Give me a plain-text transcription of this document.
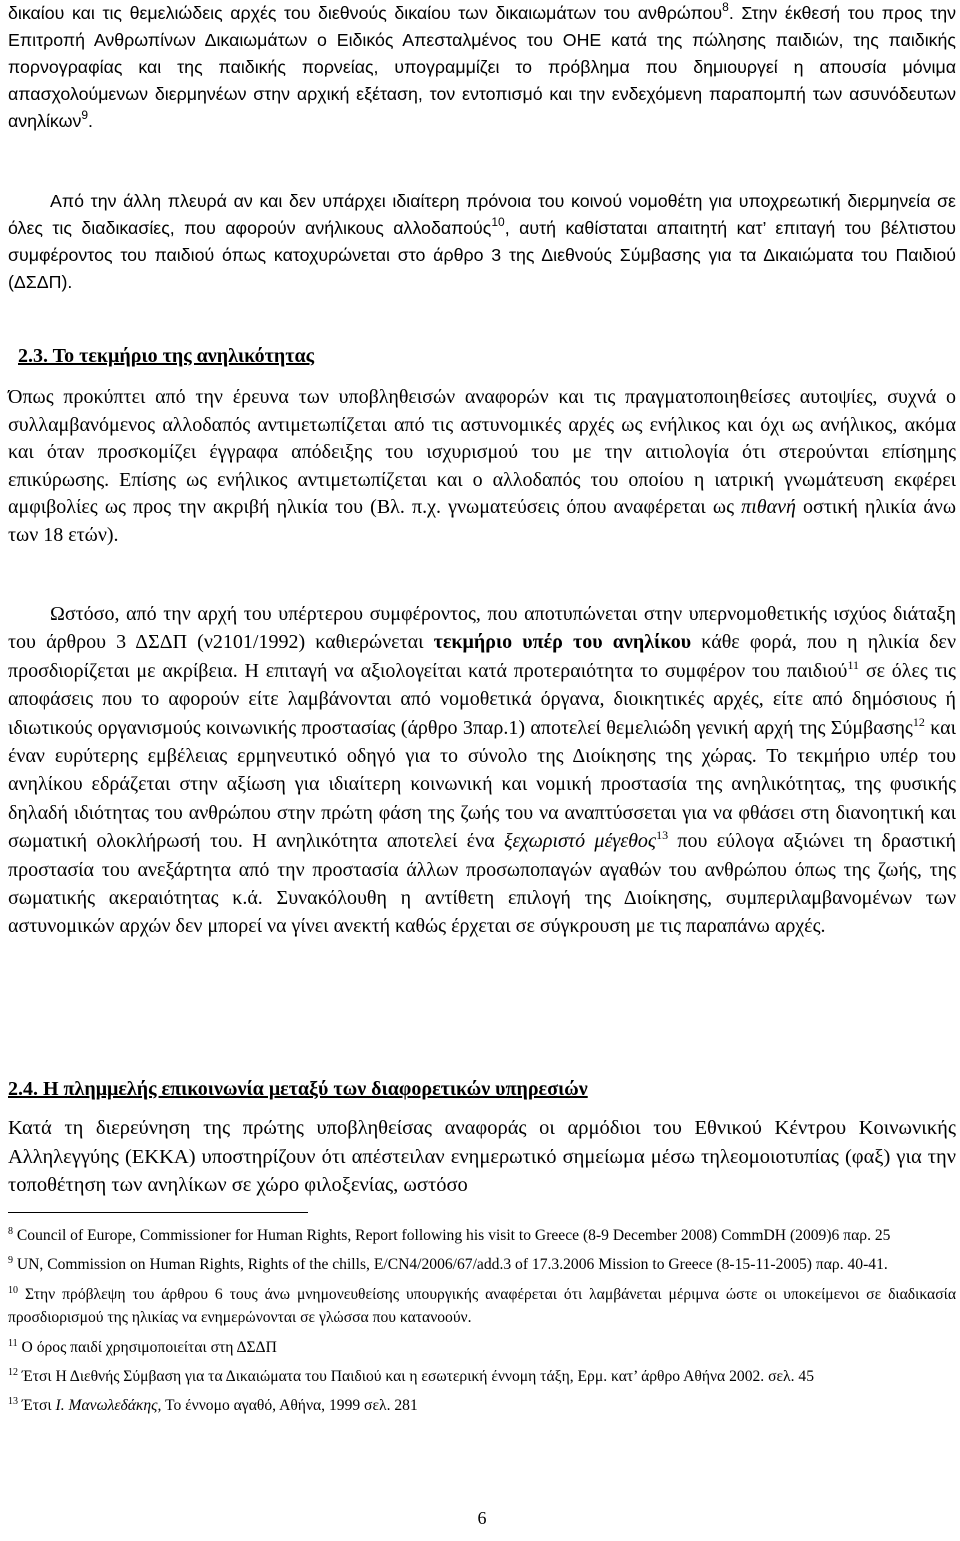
δικαίου και τις θεμελιώδεις αρχές του διεθνούς δικαίου των δικαιωμάτων του ανθρώπου$^8$. Στην έκθεσή του προς την Επιτροπή Ανθρωπίνων Δικαιωμάτων ο Ειδικός Απεσταλμένος του ΟΗΕ κατά της πώλησης παιδιών, της παιδικής πορνογραφίας και της παιδικής πορνείας, υπογραμμίζει το πρόβλημα που δημιουργεί η απουσία μόνιμα απασχολούμενων διερμηνέων στην αρχική εξέταση, τον εντοπισμό και την ενδεχόμενη παραπομπή των ασυνόδευτων ανηλίκων$^9$.

Από την άλλη πλευρά αν και δεν υπάρχει ιδιαίτερη πρόνοια του κοινού νομοθέτη για υποχρεωτική διερμηνεία σε όλες τις διαδικασίες, που αφορούν ανήλικους αλλοδαπούς$^{10}$, αυτή καθίσταται απαιτητή κατ’ επιταγή του βέλτιστου συμφέροντος του παιδιού όπως κατοχυρώνεται στο άρθρο 3 της Διεθνούς Σύμβασης για τα Δικαιώματα του Παιδιού (ΔΣΔΠ).

2.3. Το τεκμήριο της ανηλικότητας

Όπως προκύπτει από την έρευνα των υποβληθεισών αναφορών και τις πραγματοποιηθείσες αυτοψίες, συχνά ο συλλαμβανόμενος αλλοδαπός αντιμετωπίζεται από τις αστυνομικές αρχές ως ενήλικος και όχι ως ανήλικος, ακόμα και όταν προσκομίζει έγγραφα απόδειξης του ισχυρισμού του με την αιτιολογία ότι στερούνται επίσημης επικύρωσης. Επίσης ως ενήλικος αντιμετωπίζεται και ο αλλοδαπός του οποίου η ιατρική γνωμάτευση εκφέρει αμφιβολίες ως προς την ακριβή ηλικία του (Βλ. π.χ. γνωματεύσεις όπου αναφέρεται ως πιθανή οστική ηλικία άνω των 18 ετών).

Ωστόσο, από την αρχή του υπέρτερου συμφέροντος, που αποτυπώνεται στην υπερνομοθετικής ισχύος διάταξη του άρθρου 3 ΔΣΔΠ (ν2101/1992) καθιερώνεται τεκμήριο υπέρ του ανηλίκου κάθε φορά, που η ηλικία δεν προσδιορίζεται με ακρίβεια. Η επιταγή να αξιολογείται κατά προτεραιότητα το συμφέρον του παιδιού$^{11}$ σε όλες τις αποφάσεις που το αφορούν είτε λαμβάνονται από νομοθετικά όργανα, διοικητικές αρχές, είτε από δημόσιους ή ιδιωτικούς οργανισμούς κοινωνικής προστασίας (άρθρο 3παρ.1) αποτελεί θεμελιώδη γενική αρχή της Σύμβασης$^{12}$ και έναν ευρύτερης εμβέλειας ερμηνευτικό οδηγό για το σύνολο της Διοίκησης της χώρας. Το τεκμήριο υπέρ του ανηλίκου εδράζεται στην αξίωση για ιδιαίτερη κοινωνική και νομική προστασία της ανηλικότητας, της φυσικής δηλαδή ιδιότητας του ανθρώπου στην πρώτη φάση της ζωής του να αναπτύσσεται για να φθάσει στη διανοητική και σωματική ολοκλήρωσή του. Η ανηλικότητα αποτελεί ένα ξεχωριστό μέγεθος$^{13}$ που εύλογα αξιώνει τη δραστική προστασία του ανεξάρτητα από την προστασία άλλων προσωποπαγών αγαθών του ανθρώπου όπως της ζωής, της σωματικής ακεραιότητας κ.ά. Συνακόλουθη η αντίθετη επιλογή της Διοίκησης, συμπεριλαμβανομένων των αστυνομικών αρχών δεν μπορεί να γίνει ανεκτή καθώς έρχεται σε σύγκρουση με τις παραπάνω αρχές.

2.4. Η πλημμελής επικοινωνία μεταξύ των διαφορετικών υπηρεσιών

Κατά τη διερεύνηση της πρώτης υποβληθείσας αναφοράς οι αρμόδιοι του Εθνικού Κέντρου Κοινωνικής Αλληλεγγύης (ΕΚΚΑ) υποστηρίζουν ότι απέστειλαν ενημερωτικό σημείωμα μέσω τηλεομοιοτυπίας (φαξ) για την τοποθέτηση των ανηλίκων σε χώρο φιλοξενίας, ωστόσο

$^8$ Council of Europe, Commissioner for Human Rights, Report following his visit to Greece (8-9 December 2008) CommDH (2009)6 παρ. 25

$^9$ UN, Commission on Human Rights, Rights of the chills, E/CN4/2006/67/add.3 of 17.3.2006 Mission to Greece (8-15-11-2005) παρ. 40-41.

$^{10}$ Στην πρόβλεψη του άρθρου 6 τους άνω μνημονευθείσης υπουργικής αναφέρεται ότι λαμβάνεται μέριμνα ώστε οι υποκείμενοι σε διαδικασία προσδιορισμού της ηλικίας να ενημερώνονται σε γλώσσα που κατανοούν.

$^{11}$ Ο όρος παιδί χρησιμοποιείται στη ΔΣΔΠ

$^{12}$ Έτσι Η Διεθνής Σύμβαση για τα Δικαιώματα του Παιδιού και η εσωτερική έννομη τάξη, Ερμ. κατ’ άρθρο Αθήνα 2002. σελ. 45

$^{13}$ Έτσι Ι. Μανωλεδάκης, Το έννομο αγαθό, Αθήνα, 1999 σελ. 281

6
